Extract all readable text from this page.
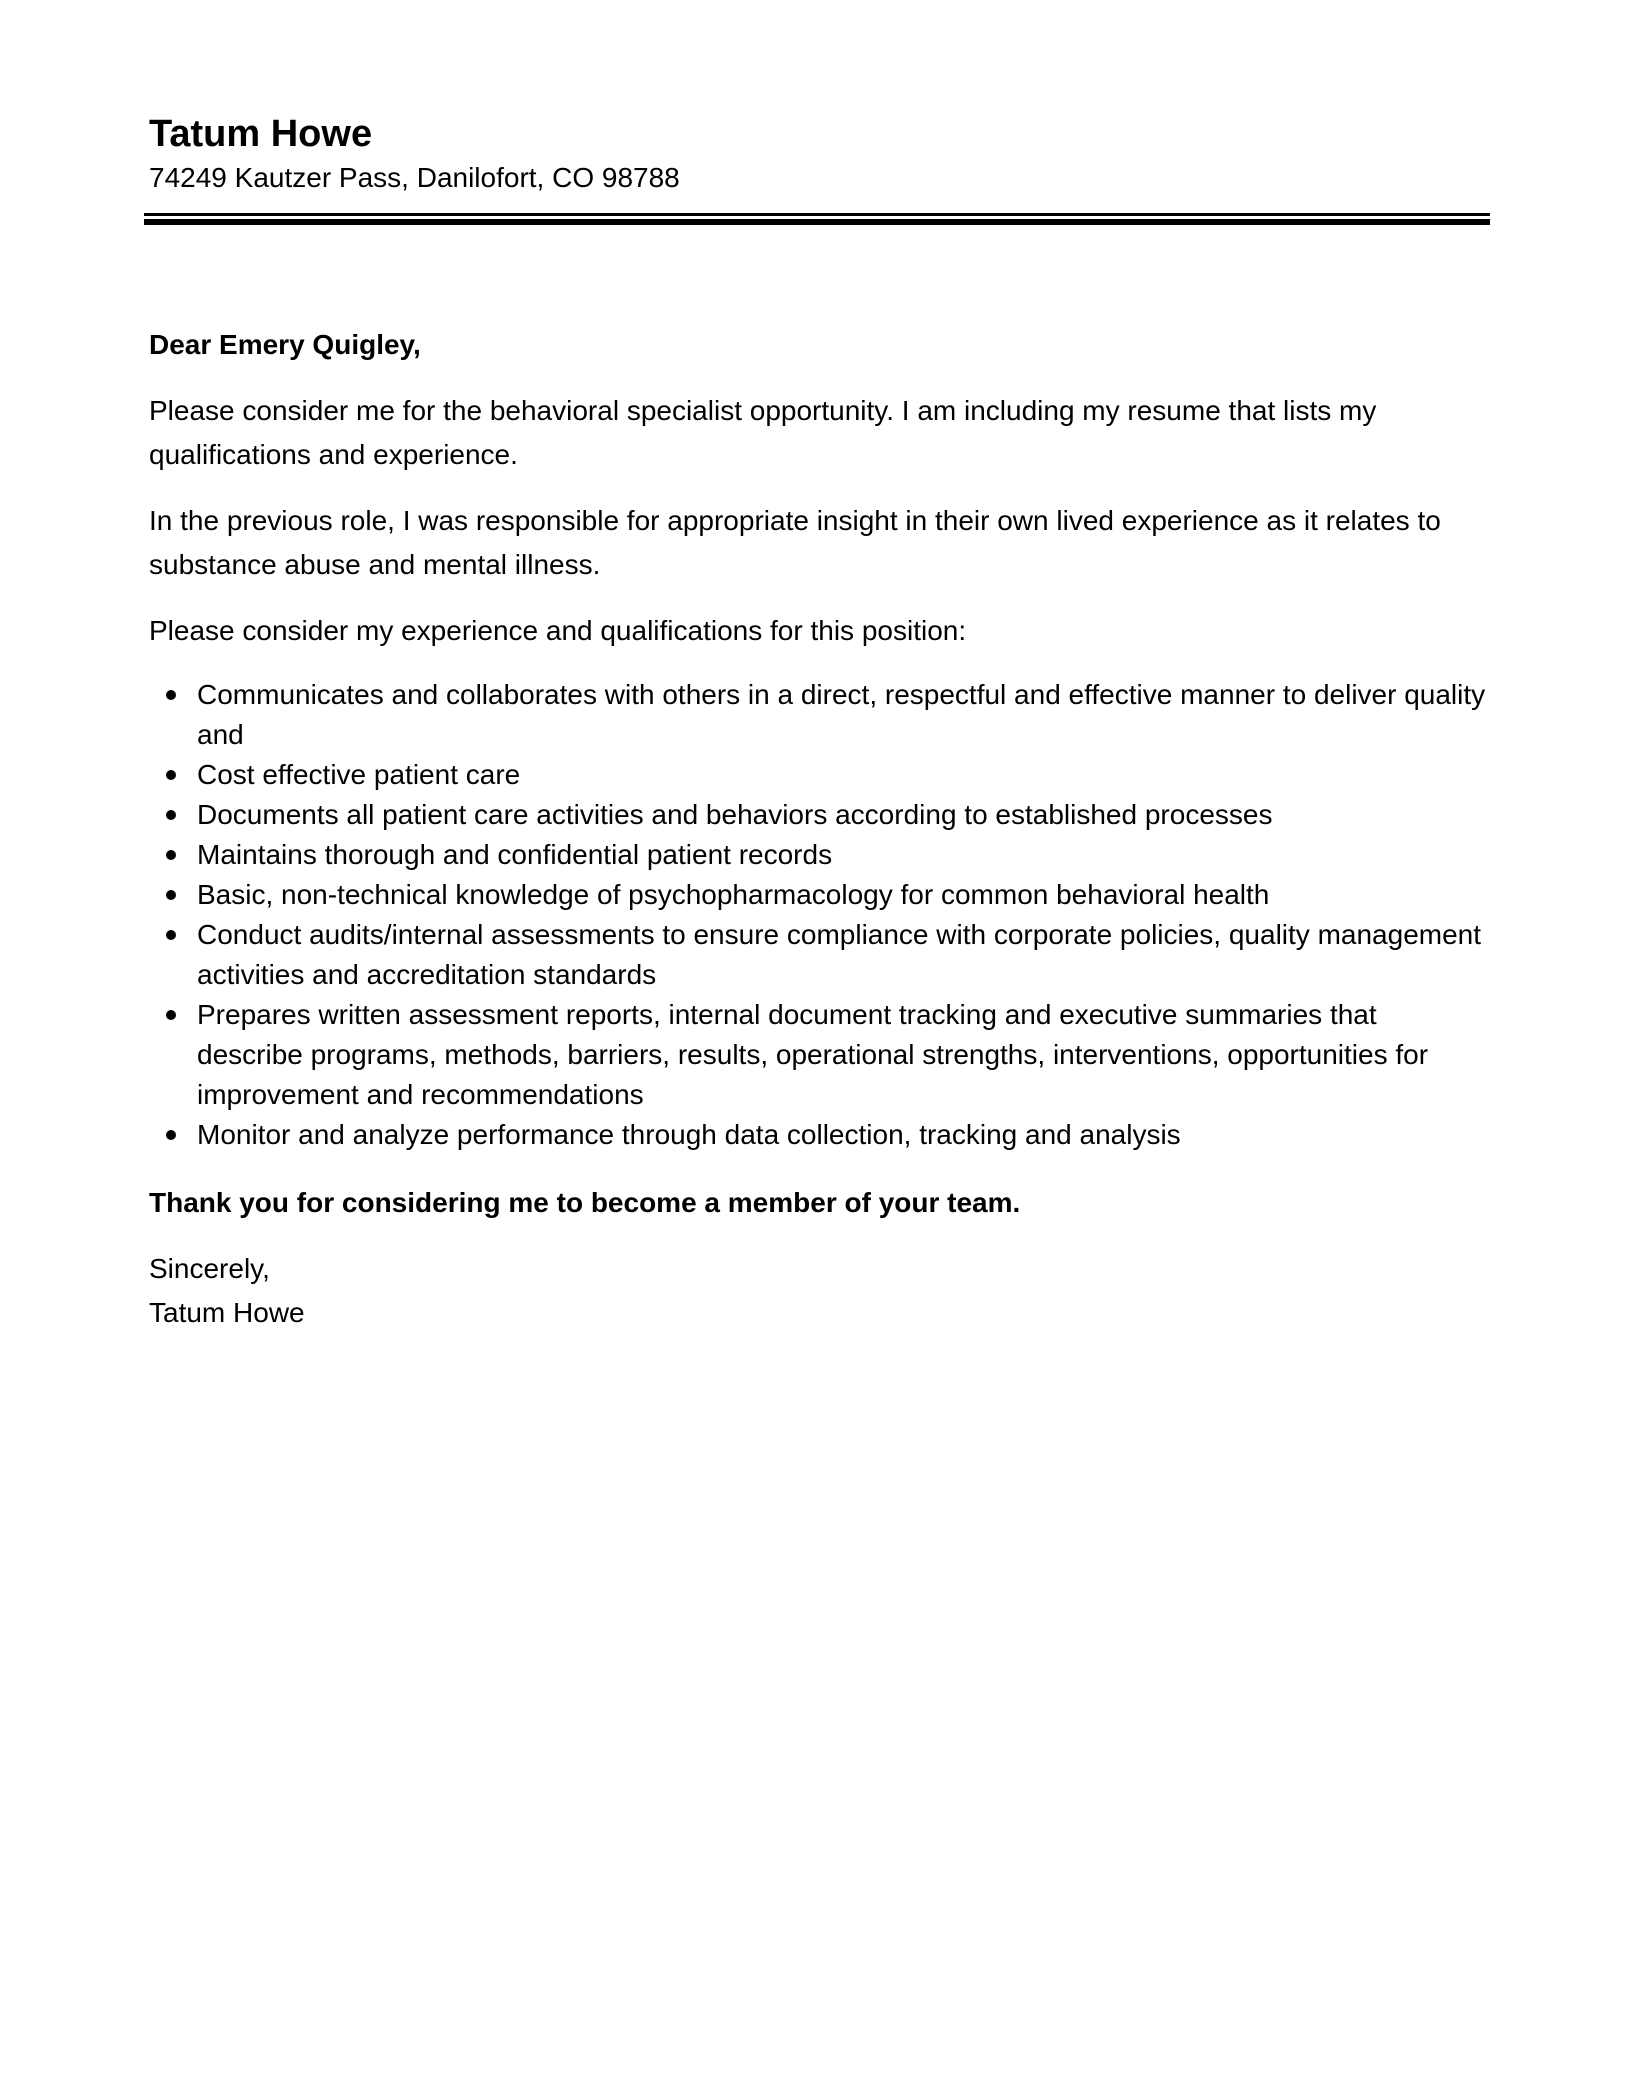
Tatum Howe

74249 Kautzer Pass, Danilofort, CO 98788

Dear Emery Quigley,

Please consider me for the behavioral specialist opportunity. I am including my resume that lists my qualifications and experience.

In the previous role, I was responsible for appropriate insight in their own lived experience as it relates to substance abuse and mental illness.

Please consider my experience and qualifications for this position:

Communicates and collaborates with others in a direct, respectful and effective manner to deliver quality and
Cost effective patient care
Documents all patient care activities and behaviors according to established processes
Maintains thorough and confidential patient records
Basic, non-technical knowledge of psychopharmacology for common behavioral health
Conduct audits/internal assessments to ensure compliance with corporate policies, quality management activities and accreditation standards
Prepares written assessment reports, internal document tracking and executive summaries that describe programs, methods, barriers, results, operational strengths, interventions, opportunities for improvement and recommendations
Monitor and analyze performance through data collection, tracking and analysis

Thank you for considering me to become a member of your team.

Sincerely,

Tatum Howe
